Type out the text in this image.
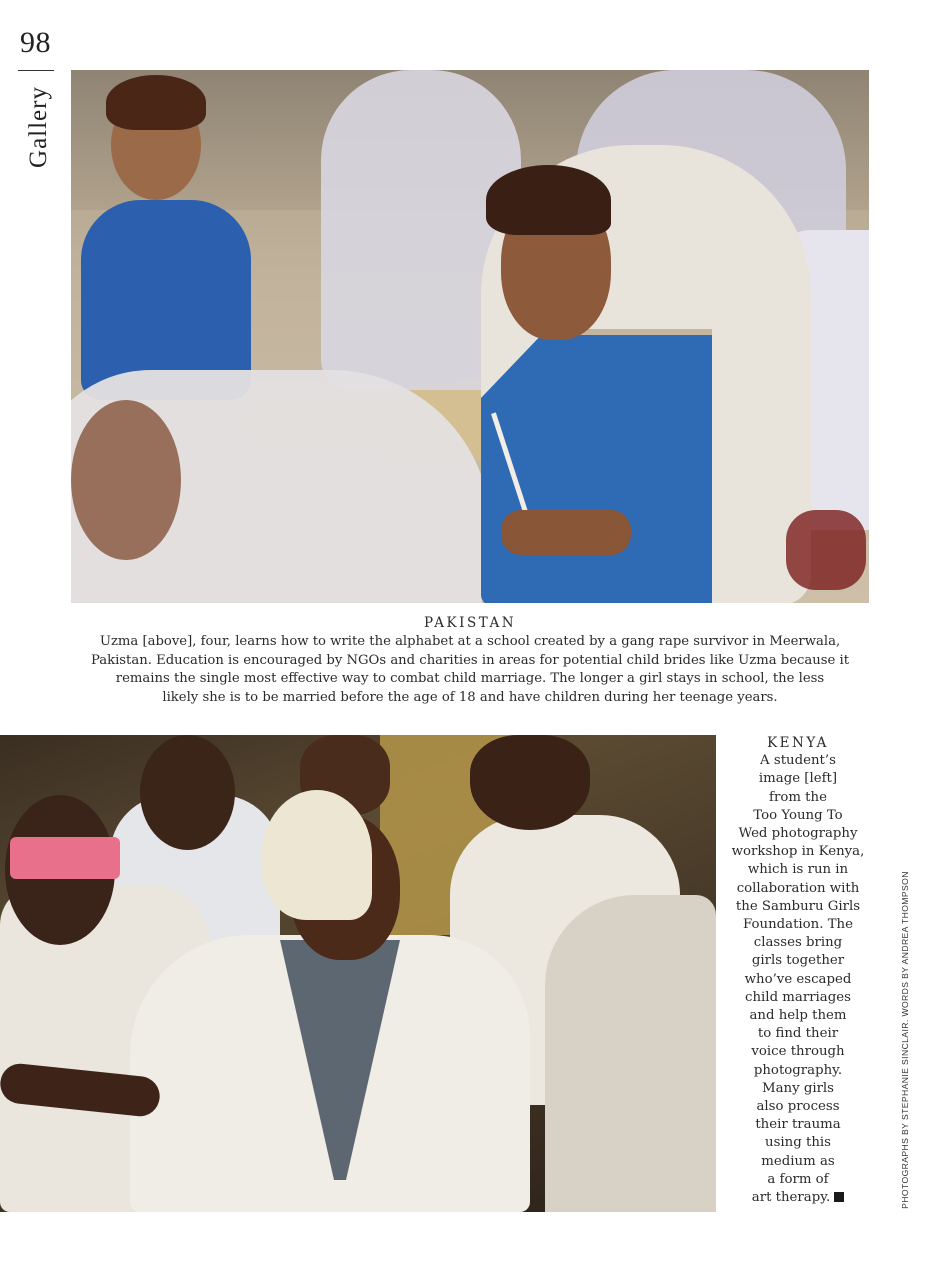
98
Gallery
PAKISTAN
Uzma [above], four, learns how to write the alphabet at a school created by a gang rape survivor in Meerwala,
Pakistan. Education is encouraged by NGOs and charities in areas for potential child brides like Uzma because it
remains the single most effective way to combat child marriage. The longer a girl stays in school, the less
likely she is to be married before the age of 18 and have children during her teenage years.
KENYA
A student’s
image [left]
from the
Too Young To
Wed photography
workshop in Kenya,
which is run in
collaboration with
the Samburu Girls
Foundation. The
classes bring
girls together
who’ve escaped
child marriages
and help them
to find their
voice through
photography.
Many girls
also process
their trauma
using this
medium as
a form of
art therapy.	PHOTOGRAPHS BY STEPHANIE SINCLAIR. WORDS BY ANDREA THOMPSON
